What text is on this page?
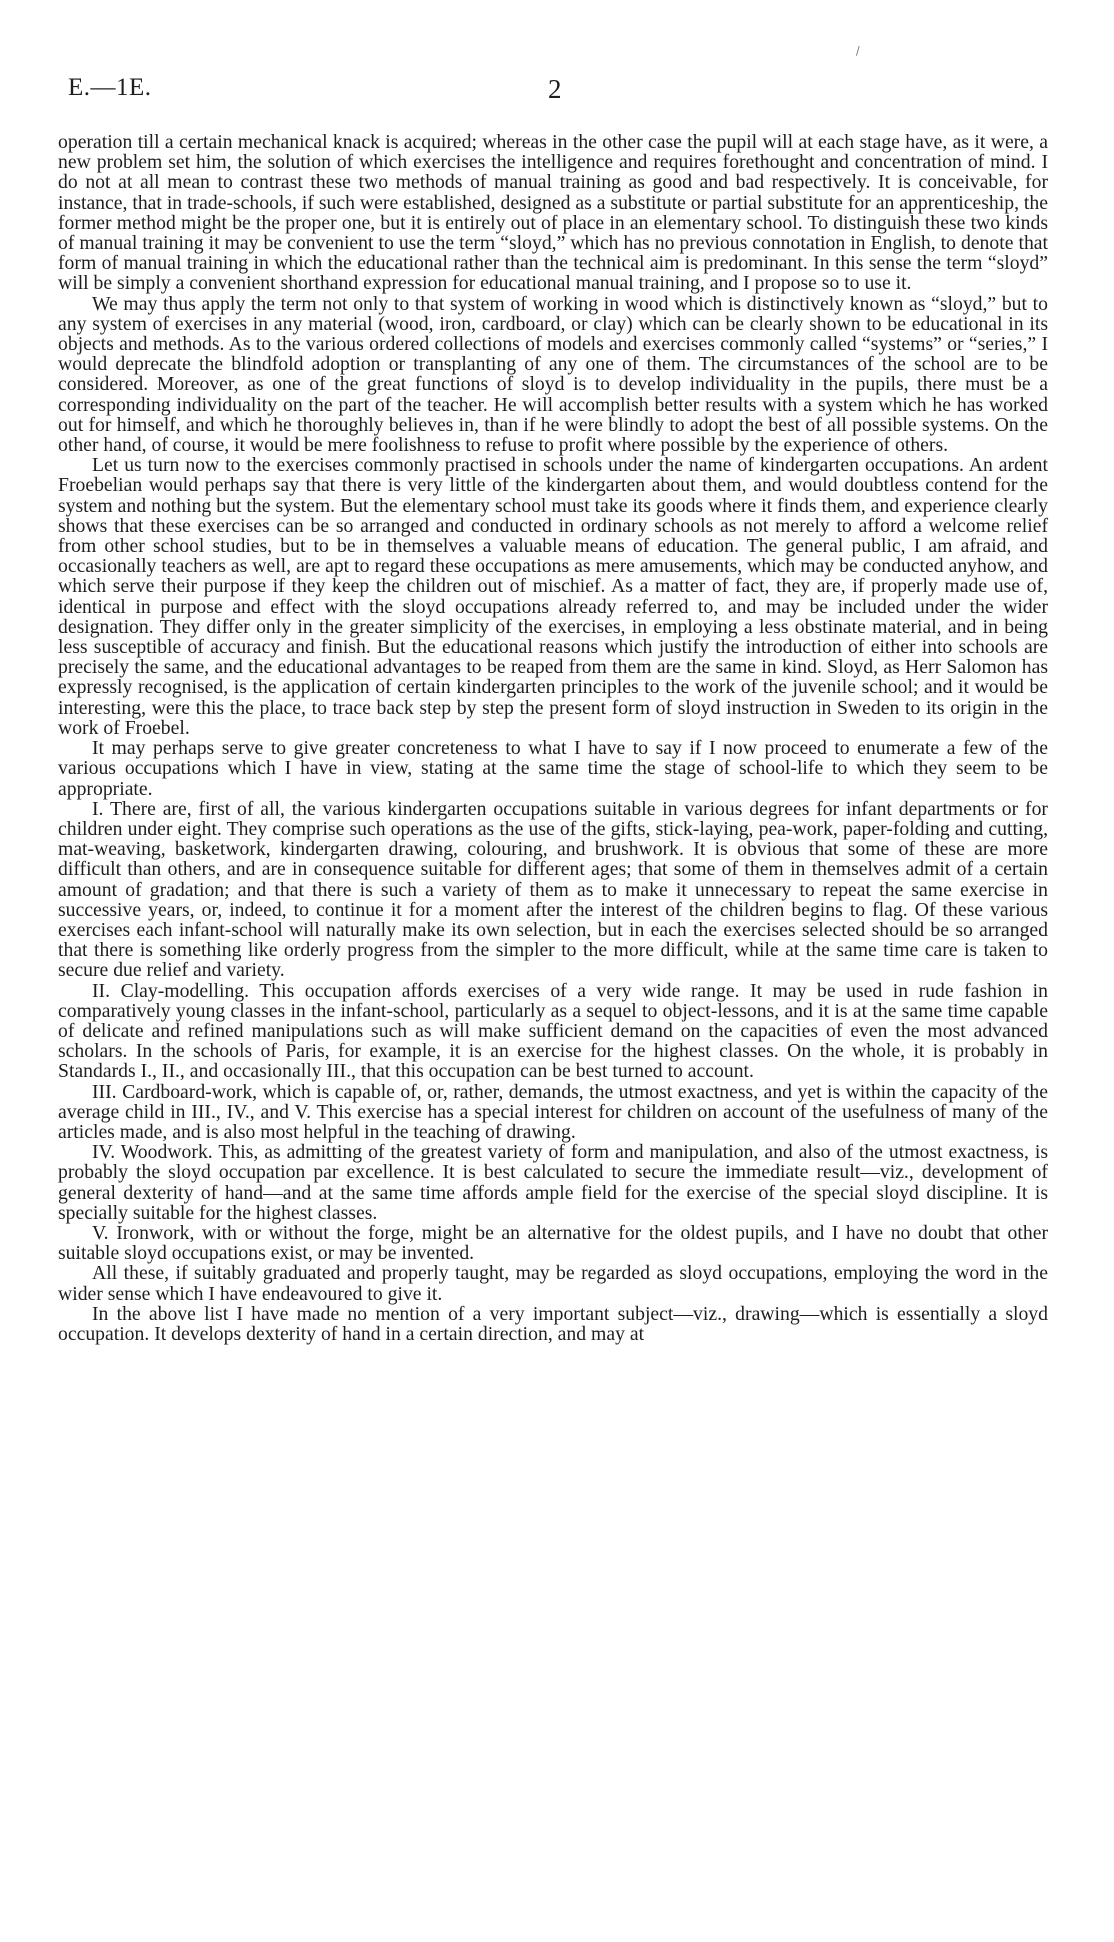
E.—1E.	2
\

operation till a certain mechanical knack is acquired; whereas in the other case the pupil will at each stage have, as it were, a new problem set him, the solution of which exercises the intelligence and requires forethought and concentration of mind. I do not at all mean to contrast these two methods of manual training as good and bad respectively. It is conceivable, for instance, that in trade-schools, if such were established, designed as a substitute or partial substitute for an apprenticeship, the former method might be the proper one, but it is entirely out of place in an elementary school. To distinguish these two kinds of manual training it may be convenient to use the term “sloyd,” which has no previous connotation in English, to denote that form of manual training in which the educational rather than the technical aim is predominant. In this sense the term “sloyd” will be simply a convenient shorthand expression for educational manual training, and I propose so to use it.

We may thus apply the term not only to that system of working in wood which is distinctively known as “sloyd,” but to any system of exercises in any material (wood, iron, cardboard, or clay) which can be clearly shown to be educational in its objects and methods. As to the various ordered collections of models and exercises commonly called “systems” or “series,” I would deprecate the blindfold adoption or transplanting of any one of them. The circumstances of the school are to be considered. Moreover, as one of the great functions of sloyd is to develop individuality in the pupils, there must be a corresponding individuality on the part of the teacher. He will accomplish better results with a system which he has worked out for himself, and which he thoroughly believes in, than if he were blindly to adopt the best of all possible systems. On the other hand, of course, it would be mere foolishness to refuse to profit where possible by the experience of others.

Let us turn now to the exercises commonly practised in schools under the name of kindergarten occupations. An ardent Froebelian would perhaps say that there is very little of the kindergarten about them, and would doubtless contend for the system and nothing but the system. But the elementary school must take its goods where it finds them, and experience clearly shows that these exercises can be so arranged and conducted in ordinary schools as not merely to afford a welcome relief from other school studies, but to be in themselves a valuable means of education. The general public, I am afraid, and occasionally teachers as well, are apt to regard these occupations as mere amusements, which may be conducted anyhow, and which serve their purpose if they keep the children out of mischief. As a matter of fact, they are, if properly made use of, identical in purpose and effect with the sloyd occupations already referred to, and may be included under the wider designation. They differ only in the greater simplicity of the exercises, in employing a less obstinate material, and in being less susceptible of accuracy and finish. But the educational reasons which justify the introduction of either into schools are precisely the same, and the educational advantages to be reaped from them are the same in kind. Sloyd, as Herr Salomon has expressly recognised, is the application of certain kindergarten principles to the work of the juvenile school; and it would be interesting, were this the place, to trace back step by step the present form of sloyd instruction in Sweden to its origin in the work of Froebel.

It may perhaps serve to give greater concreteness to what I have to say if I now proceed to enumerate a few of the various occupations which I have in view, stating at the same time the stage of school-life to which they seem to be appropriate.

I. There are, first of all, the various kindergarten occupations suitable in various degrees for infant departments or for children under eight. They comprise such operations as the use of the gifts, stick-laying, pea-work, paper-folding and cutting, mat-weaving, basketwork, kindergarten drawing, colouring, and brushwork. It is obvious that some of these are more difficult than others, and are in consequence suitable for different ages; that some of them in themselves admit of a certain amount of gradation; and that there is such a variety of them as to make it unnecessary to repeat the same exercise in successive years, or, indeed, to continue it for a moment after the interest of the children begins to flag. Of these various exercises each infant-school will naturally make its own selection, but in each the exercises selected should be so arranged that there is something like orderly progress from the simpler to the more difficult, while at the same time care is taken to secure due relief and variety.

II. Clay-modelling. This occupation affords exercises of a very wide range. It may be used in rude fashion in comparatively young classes in the infant-school, particularly as a sequel to object-lessons, and it is at the same time capable of delicate and refined manipulations such as will make sufficient demand on the capacities of even the most advanced scholars. In the schools of Paris, for example, it is an exercise for the highest classes. On the whole, it is probably in Standards I., II., and occasionally III., that this occupation can be best turned to account.

III. Cardboard-work, which is capable of, or, rather, demands, the utmost exactness, and yet is within the capacity of the average child in III., IV., and V. This exercise has a special interest for children on account of the usefulness of many of the articles made, and is also most helpful in the teaching of drawing.

IV. Woodwork. This, as admitting of the greatest variety of form and manipulation, and also of the utmost exactness, is probably the sloyd occupation par excellence. It is best calculated to secure the immediate result—viz., development of general dexterity of hand—and at the same time affords ample field for the exercise of the special sloyd discipline. It is specially suitable for the highest classes.

V. Ironwork, with or without the forge, might be an alternative for the oldest pupils, and I have no doubt that other suitable sloyd occupations exist, or may be invented.

All these, if suitably graduated and properly taught, may be regarded as sloyd occupations, employing the word in the wider sense which I have endeavoured to give it.

In the above list I have made no mention of a very important subject—viz., drawing—which is essentially a sloyd occupation. It develops dexterity of hand in a certain direction, and may at
